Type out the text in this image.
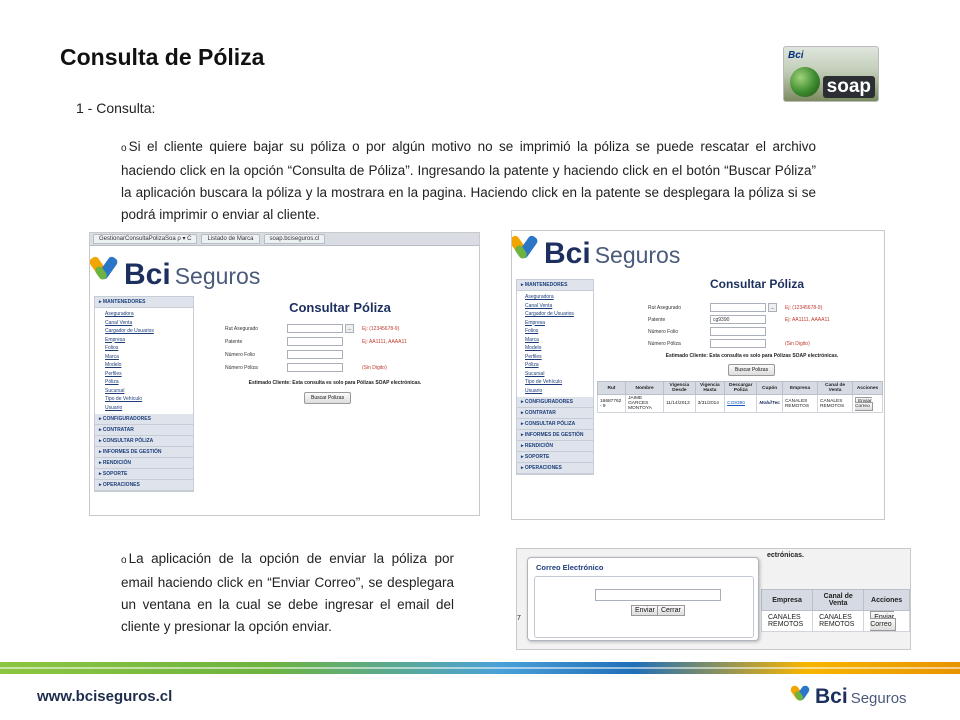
Consulta de Póliza	Bci
soap
1 - Consulta:
o Si el cliente quiere bajar su póliza o por algún motivo no se imprimió la póliza se puede rescatar el archivo haciendo click en la opción “Consulta de Póliza”. Ingresando la patente y haciendo click en el botón “Buscar Póliza” la aplicación buscara la póliza y la mostrara en la pagina. Haciendo click en la patente se desplegara la póliza si se podrá imprimir o enviar al cliente.
GestionarConsultaPolizaSoa ρ ▾ C	Listado de Marca	soap.bciseguros.cl
Bci Seguros
▸ MANTENEDORES
Aseguradora
Canal Venta
Cargador de Usuarios
Empresa
Folios
Marca
Modelo
Perfiles
Póliza
Sucursal
Tipo de Vehículo
Usuario
▸ CONFIGURADORES
▸ CONTRATAR
▸ CONSULTAR PÓLIZA
▸ INFORMES DE GESTIÓN
▸ RENDICIÓN
▸ SOPORTE
▸ OPERACIONES
Consultar Póliza
Rut Asegurado	...	Ej: (12345678-9)
Patente	Ej: AA1111, AAAA11
Número Folio
Número Póliza	(Sin Digito)
Estimado Cliente: Esta consulta es solo para Pólizas SOAP electrónicas.
Buscar Polizas
Bci Seguros
▸ MANTENEDORES
Aseguradora
Canal Venta
Cargador de Usuarios
Empresa
Folios
Marca
Modelo
Perfiles
Póliza
Sucursal
Tipo de Vehículo
Usuario
▸ CONFIGURADORES
▸ CONTRATAR
▸ CONSULTAR PÓLIZA
▸ INFORMES DE GESTIÓN
▸ RENDICIÓN
▸ SOPORTE
▸ OPERACIONES
Consultar Póliza
Rut Asegurado	...	Ej: (12345678-9)
Patente	cg9390	Ej: AA1111, AAAA11
Número Folio
Número Póliza	(Sin Digito)
Estimado Cliente: Esta consulta es solo para Pólizas SOAP electrónicas.
Buscar Polizas
Rut	Nombre	Vigencia Desde	Vigencia Hasta	Descargar Poliza	Cupón	Empresa	Canal de Venta	Acciones
16687762 - 9	JAIME GARCES MONTOYA	11/14/2013	3/31/2014	CG9390	MobilTec	CANALES REMOTOS	CANALES REMOTOS	Enviar Correo
o La aplicación de la opción de enviar la póliza por email haciendo click en “Enviar Correo”, se desplegara un ventana en la cual se debe ingresar el email del cliente y presionar la opción enviar.
ectrónicas.
7
Empresa	Canal de Venta	Acciones
CANALES REMOTOS	CANALES REMOTOS	Enviar Correo
Correo Electrónico
Enviar Cerrar
www.bciseguros.cl	Bci Seguros
